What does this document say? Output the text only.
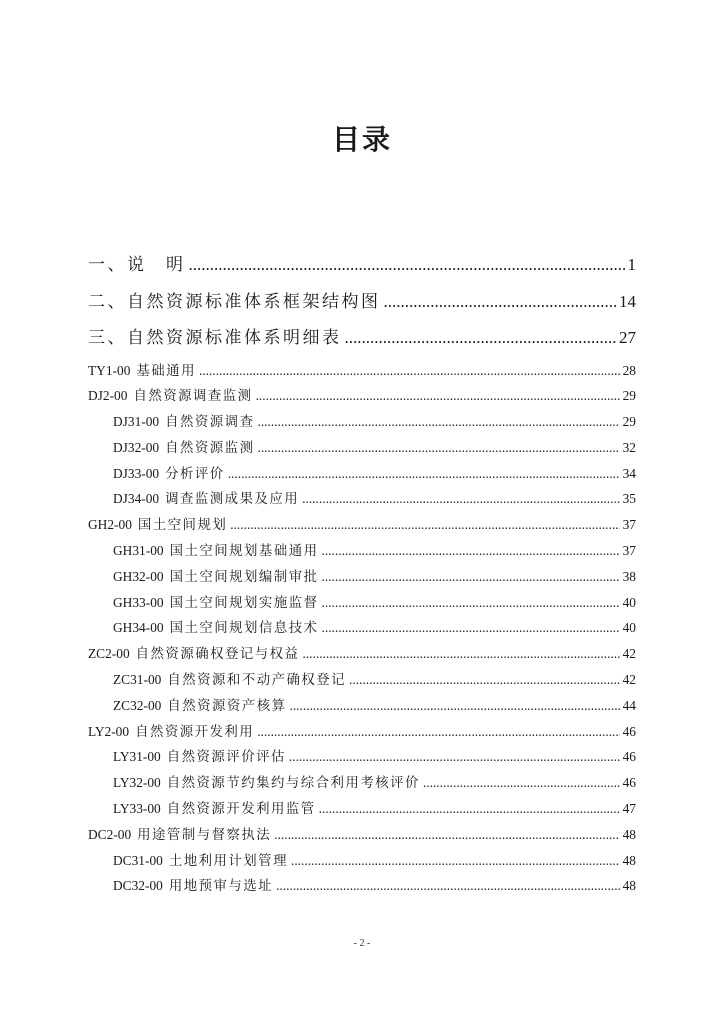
目录
一、说　明 .....	1
二、自然资源标准体系框架结构图 .....	14
三、自然资源标准体系明细表 .....	27
TY1-00 基础通用 .....	28
DJ2-00 自然资源调查监测 .....	29
DJ31-00 自然资源调查 .....	29
DJ32-00 自然资源监测 .....	32
DJ33-00 分析评价 .....	34
DJ34-00 调查监测成果及应用 .....	35
GH2-00 国土空间规划 .....	37
GH31-00 国土空间规划基础通用 .....	37
GH32-00 国土空间规划编制审批 .....	38
GH33-00 国土空间规划实施监督 .....	40
GH34-00 国土空间规划信息技术 .....	40
ZC2-00 自然资源确权登记与权益 .....	42
ZC31-00 自然资源和不动产确权登记 .....	42
ZC32-00 自然资源资产核算 .....	44
LY2-00 自然资源开发利用 .....	46
LY31-00 自然资源评价评估 .....	46
LY32-00 自然资源节约集约与综合利用考核评价 .....	46
LY33-00 自然资源开发利用监管 .....	47
DC2-00 用途管制与督察执法 .....	48
DC31-00 土地利用计划管理 .....	48
DC32-00 用地预审与选址 .....	48
- 2 -
